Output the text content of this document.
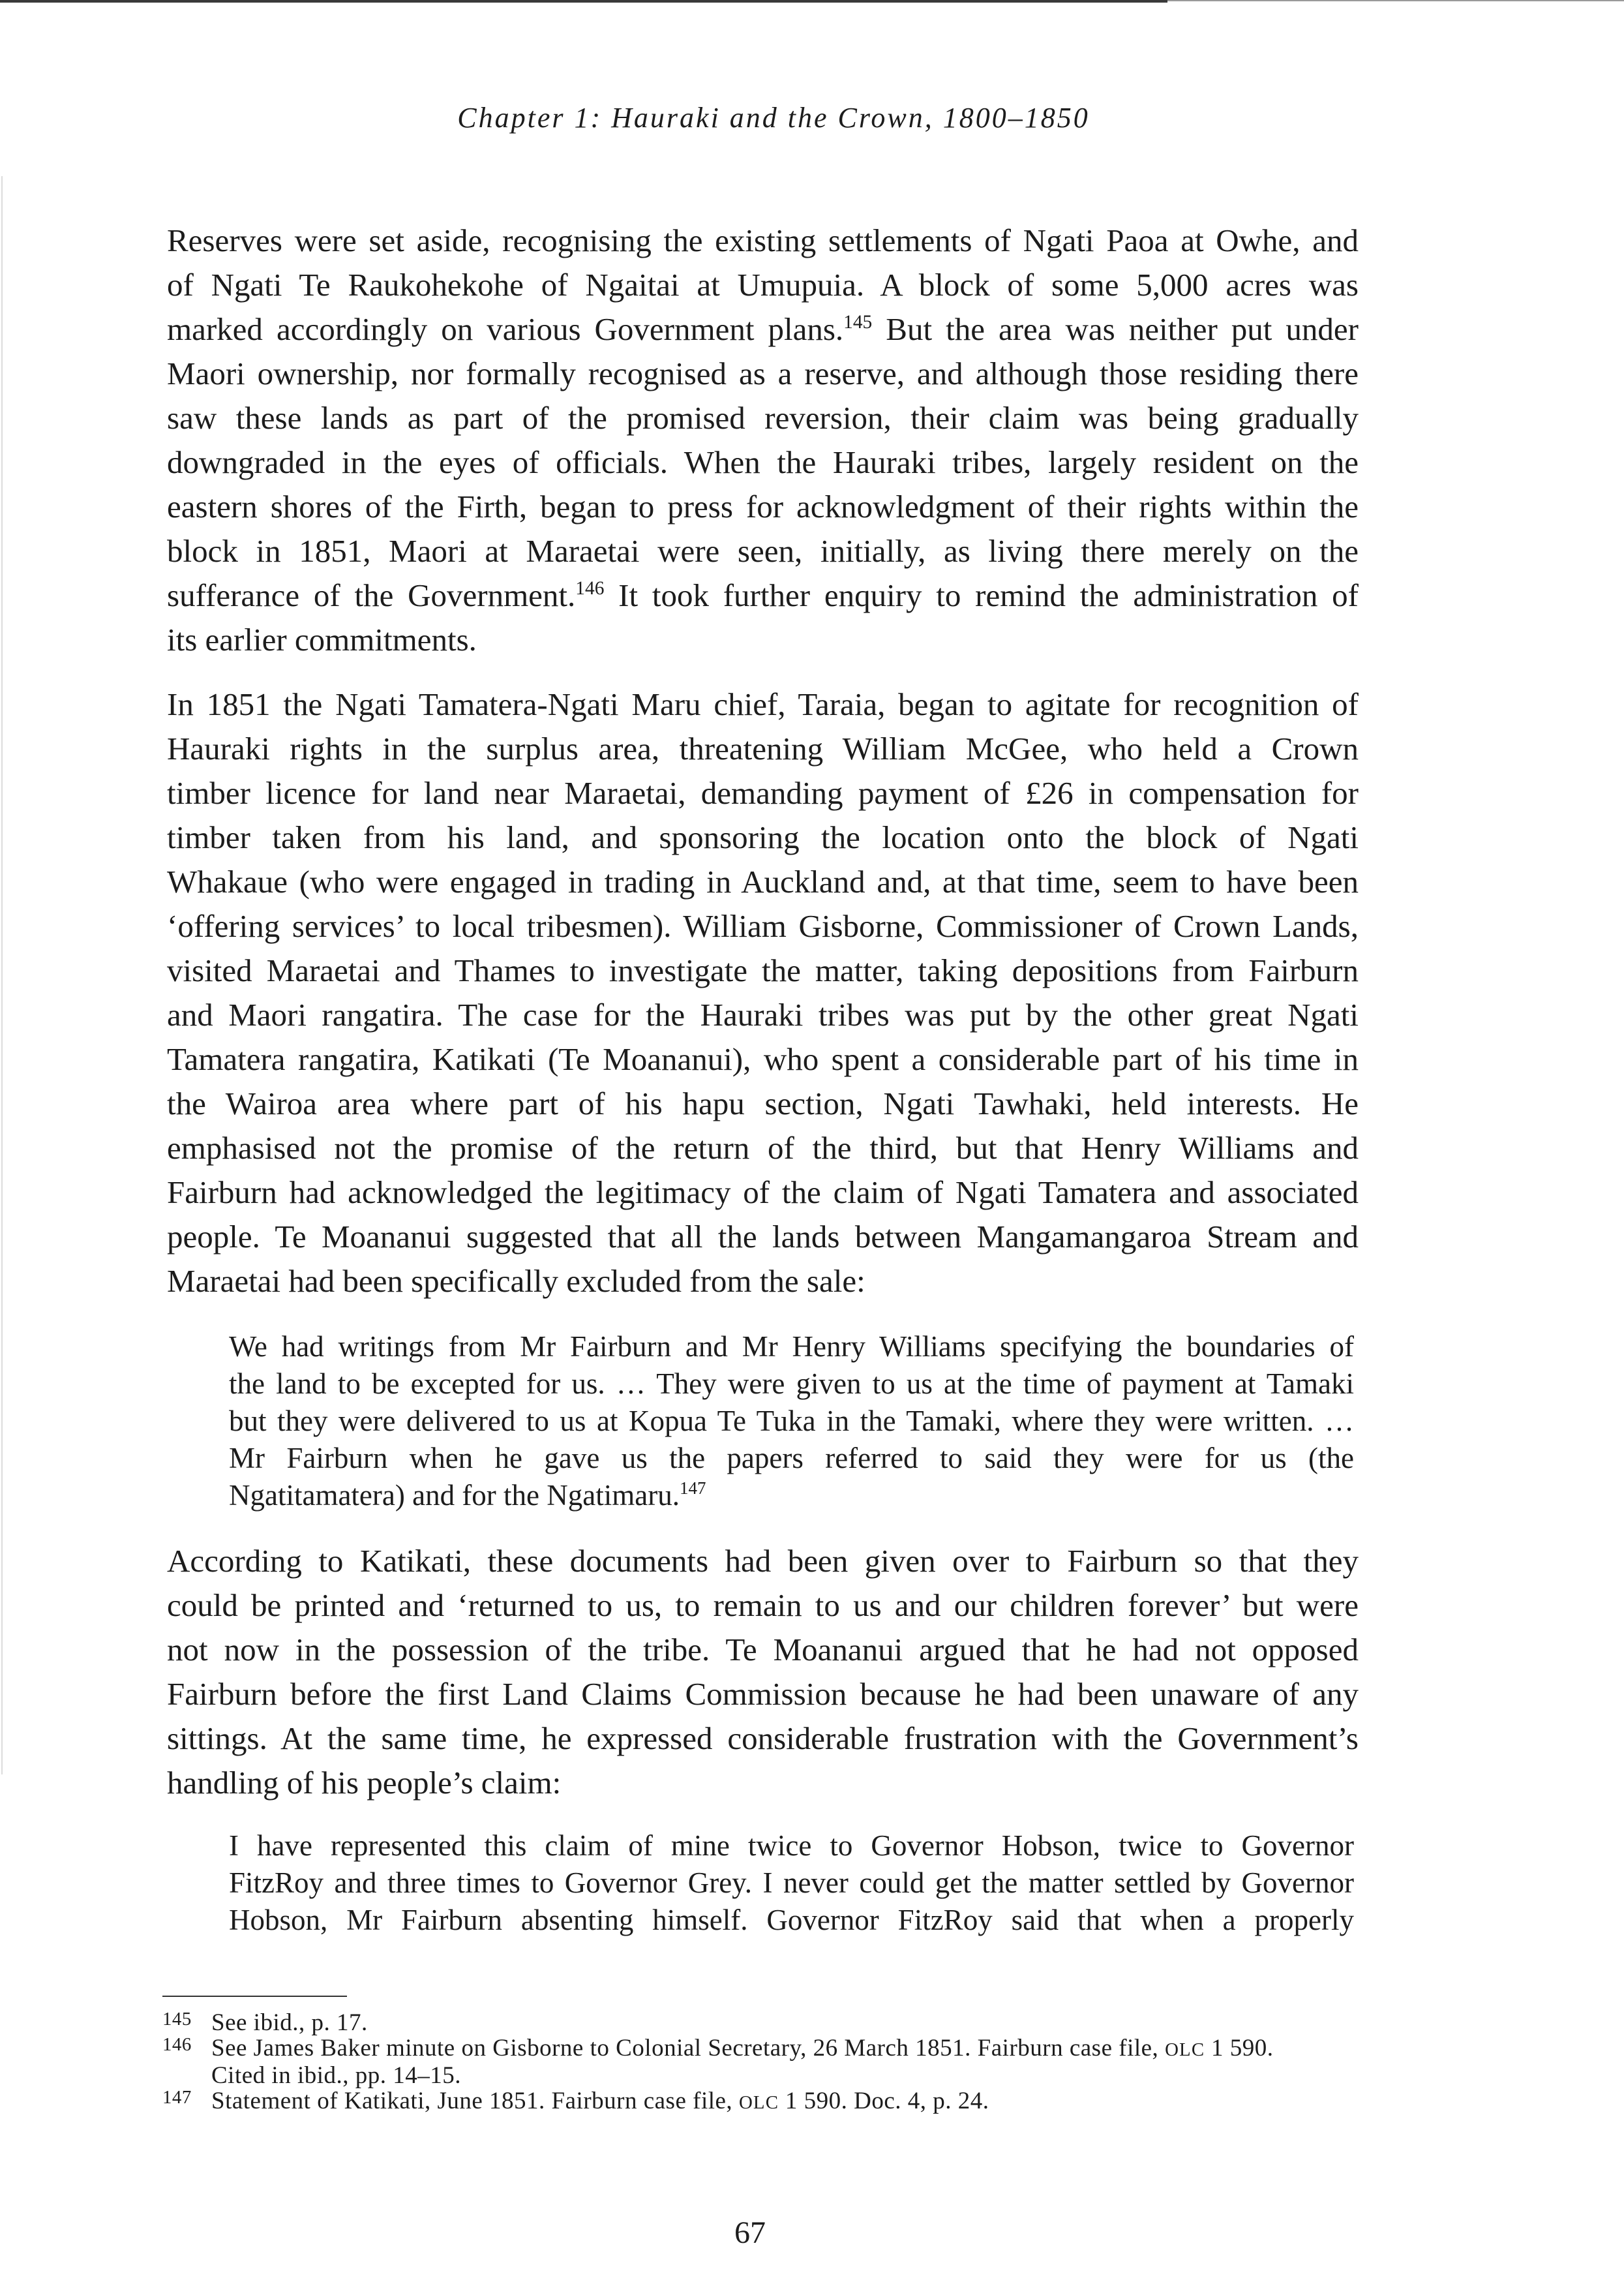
Chapter 1: Hauraki and the Crown, 1800–1850
Reserves were set aside, recognising the existing settlements of Ngati Paoa at Owhe, and
of Ngati Te Raukohekohe of Ngaitai at Umupuia. A block of some 5,000 acres was
marked accordingly on various Government plans.$^{145}$ But the area was neither put under
Maori ownership, nor formally recognised as a reserve, and although those residing there
saw these lands as part of the promised reversion, their claim was being gradually
downgraded in the eyes of officials. When the Hauraki tribes, largely resident on the
eastern shores of the Firth, began to press for acknowledgment of their rights within the
block in 1851, Maori at Maraetai were seen, initially, as living there merely on the
sufferance of the Government.$^{146}$ It took further enquiry to remind the administration of
its earlier commitments.
In 1851 the Ngati Tamatera-Ngati Maru chief, Taraia, began to agitate for recognition of
Hauraki rights in the surplus area, threatening William McGee, who held a Crown
timber licence for land near Maraetai, demanding payment of £26 in compensation for
timber taken from his land, and sponsoring the location onto the block of Ngati
Whakaue (who were engaged in trading in Auckland and, at that time, seem to have been
‘offering services’ to local tribesmen). William Gisborne, Commissioner of Crown Lands,
visited Maraetai and Thames to investigate the matter, taking depositions from Fairburn
and Maori rangatira. The case for the Hauraki tribes was put by the other great Ngati
Tamatera rangatira, Katikati (Te Moananui), who spent a considerable part of his time in
the Wairoa area where part of his hapu section, Ngati Tawhaki, held interests. He
emphasised not the promise of the return of the third, but that Henry Williams and
Fairburn had acknowledged the legitimacy of the claim of Ngati Tamatera and associated
people. Te Moananui suggested that all the lands between Mangamangaroa Stream and
Maraetai had been specifically excluded from the sale:
We had writings from Mr Fairburn and Mr Henry Williams specifying the boundaries of
the land to be excepted for us. … They were given to us at the time of payment at Tamaki
but they were delivered to us at Kopua Te Tuka in the Tamaki, where they were written. …
Mr Fairburn when he gave us the papers referred to said they were for us (the
Ngatitamatera) and for the Ngatimaru.$^{147}$
According to Katikati, these documents had been given over to Fairburn so that they
could be printed and ‘returned to us, to remain to us and our children forever’ but were
not now in the possession of the tribe. Te Moananui argued that he had not opposed
Fairburn before the first Land Claims Commission because he had been unaware of any
sittings. At the same time, he expressed considerable frustration with the Government’s
handling of his people’s claim:
I have represented this claim of mine twice to Governor Hobson, twice to Governor
FitzRoy and three times to Governor Grey. I never could get the matter settled by Governor
Hobson, Mr Fairburn absenting himself. Governor FitzRoy said that when a properly
145 See ibid., p. 17.
146 See James Baker minute on Gisborne to Colonial Secretary, 26 March 1851. Fairburn case file, OLC 1 590.
Cited in ibid., pp. 14–15.
147 Statement of Katikati, June 1851. Fairburn case file, OLC 1 590. Doc. 4, p. 24.
67
